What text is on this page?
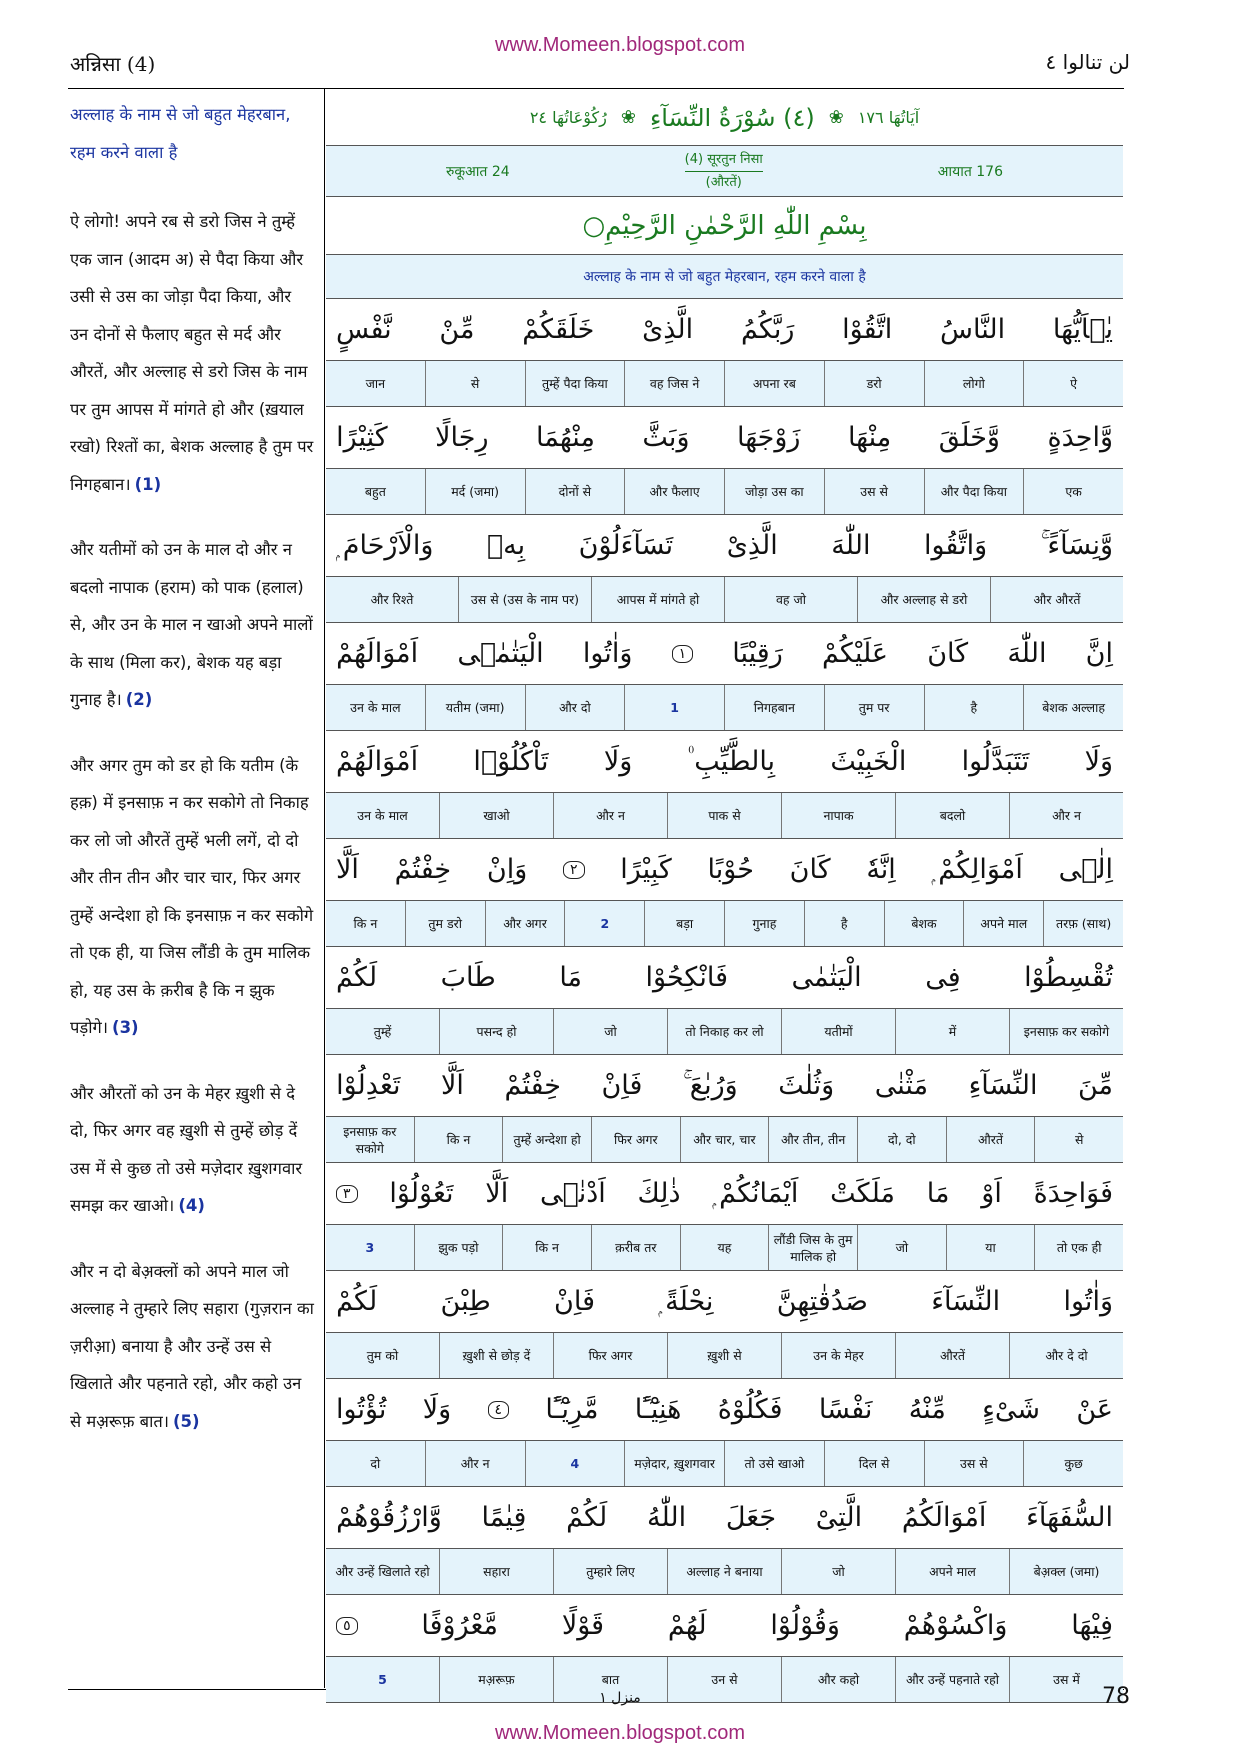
अन्निसा (4)
www.Momeen.blogspot.com
لن تنالوا ٤

अल्लाह के नाम से जो बहुत मेहरबान, रहम करने वाला है

ऐ लोगो! अपने रब से डरो जिस ने तुम्हें एक जान (आदम अ) से पैदा किया और उसी से उस का जोड़ा पैदा किया, और उन दोनों से फैलाए बहुत से मर्द और औरतें, और अल्लाह से डरो जिस के नाम पर तुम आपस में मांगते हो और (ख़याल रखो) रिश्तों का, बेशक अल्लाह है तुम पर निगहबान। (1)

और यतीमों को उन के माल दो और न बदलो नापाक (हराम) को पाक (हलाल) से, और उन के माल न खाओ अपने मालों के साथ (मिला कर), बेशक यह बड़ा गुनाह है। (2)

और अगर तुम को डर हो कि यतीम (के हक़) में इनसाफ़ न कर सकोगे तो निकाह कर लो जो औरतें तुम्हें भली लगें, दो दो और तीन तीन और चार चार, फिर अगर तुम्हें अन्देशा हो कि इनसाफ़ न कर सकोगे तो एक ही, या जिस लौंडी के तुम मालिक हो, यह उस के क़रीब है कि न झुक पड़ोगे। (3)

और औरतों को उन के मेहर ख़ुशी से दे दो, फिर अगर वह ख़ुशी से तुम्हें छोड़ दें उस में से कुछ तो उसे मज़ेदार ख़ुशगवार समझ कर खाओ। (4)

और न दो बेअ़क्लों को अपने माल जो अल्लाह ने तुम्हारे लिए सहारा (गुज़रान का ज़रीआ़) बनाया है और उन्हें उस से खिलाते और पहनाते रहो, और कहो उन से मअ़रूफ़ बात। (5)

آيَاتُهَا ١٧٦
❀
(٤) سُوْرَةُ النِّسَآءِ
❀
رُكُوْعَاتُهَا ٢٤
रुकूआत 24
(4) सूरतुन निसा
(औरतें)
आयात 176
بِسْمِ اللّٰهِ الرَّحْمٰنِ الرَّحِيْمِ○
अल्लाह के नाम से जो बहुत मेहरबान, रहम करने वाला है
يٰۤاَيُّهَا
النَّاسُ
اتَّقُوْا
رَبَّكُمُ
الَّذِىْ
خَلَقَكُمْ
مِّنْ
نَّفْسٍ
ऐ
लोगो
डरो
अपना रब
वह जिस ने
तुम्हें पैदा किया
से
जान
وَّاحِدَةٍ
وَّخَلَقَ
مِنْهَا
زَوْجَهَا
وَبَثَّ
مِنْهُمَا
رِجَالًا
كَثِيْرًا
एक
और पैदा किया
उस से
जोड़ा उस का
और फैलाए
दोनों से
मर्द (जमा)
बहुत
وَّنِسَآءً ۚ
وَاتَّقُوا
اللّٰهَ
الَّذِىْ
تَسَآءَلُوْنَ
بِهٖ
وَالْاَرْحَامَ ۭ
और औरतें
और अल्लाह से डरो
वह जो
आपस में मांगते हो
उस से (उस के नाम पर)
और रिश्ते
اِنَّ
اللّٰهَ
كَانَ
عَلَيْكُمْ
رَقِيْبًا
١
وَاٰتُوا
الْيَتٰمٰۤى
اَمْوَالَهُمْ
बेशक अल्लाह
है
तुम पर
निगहबान
1
और दो
यतीम (जमा)
उन के माल
وَلَا
تَتَبَدَّلُوا
الْخَبِيْثَ
بِالطَّيِّبِ ۠
وَلَا
تَاْكُلُوْۤا
اَمْوَالَهُمْ
और न
बदलो
नापाक
पाक से
और न
खाओ
उन के माल
اِلٰۤى
اَمْوَالِكُمْ ۭ
اِنَّهٗ
كَانَ
حُوْبًا
كَبِيْرًا
٢
وَاِنْ
خِفْتُمْ
اَلَّا
तरफ़ (साथ)
अपने माल
बेशक
है
गुनाह
बड़ा
2
और अगर
तुम डरो
कि न
تُقْسِطُوْا
فِى
الْيَتٰمٰى
فَانْكِحُوْا
مَا
طَابَ
لَكُمْ
इनसाफ़ कर सकोगे
में
यतीमों
तो निकाह कर लो
जो
पसन्द हो
तुम्हें
مِّنَ
النِّسَآءِ
مَثْنٰى
وَثُلٰثَ
وَرُبٰعَ ۚ
فَاِنْ
خِفْتُمْ
اَلَّا
تَعْدِلُوْا
से
औरतें
दो, दो
और तीन, तीन
और चार, चार
फिर अगर
तुम्हें अन्देशा हो
कि न
इनसाफ़ कर सकोगे
فَوَاحِدَةً
اَوْ
مَا
مَلَكَتْ
اَيْمَانُكُمْ ۭ
ذٰلِكَ
اَدْنٰۤى
اَلَّا
تَعُوْلُوْا
٣
तो एक ही
या
जो
लौंडी जिस के तुम मालिक हो
यह
क़रीब तर
कि न
झुक पड़ो
3
وَاٰتُوا
النِّسَآءَ
صَدُقٰتِهِنَّ
نِحْلَةً ۭ
فَاِنْ
طِبْنَ
لَكُمْ
और दे दो
औरतें
उन के मेहर
ख़ुशी से
फिर अगर
ख़ुशी से छोड़ दें
तुम को
عَنْ
شَىْءٍ
مِّنْهُ
نَفْسًا
فَكُلُوْهُ
هَنِيْٓـًٔا
مَّرِيْٓـًٔا
٤
وَلَا
تُؤْتُوا
कुछ
उस से
दिल से
तो उसे खाओ
मज़ेदार, ख़ुशगवार
4
और न
दो
السُّفَهَآءَ
اَمْوَالَكُمُ
الَّتِىْ
جَعَلَ
اللّٰهُ
لَكُمْ
قِيٰمًا
وَّارْزُقُوْهُمْ
बेअ़क्ल (जमा)
अपने माल
जो
अल्लाह ने बनाया
तुम्हारे लिए
सहारा
और उन्हें खिलाते रहो
فِيْهَا
وَاكْسُوْهُمْ
وَقُوْلُوْا
لَهُمْ
قَوْلًا
مَّعْرُوْفًا
٥
उस में
और उन्हें पहनाते रहो
और कहो
उन से
बात
मअ़रूफ़
5
منزل ١	78
www.Momeen.blogspot.com
